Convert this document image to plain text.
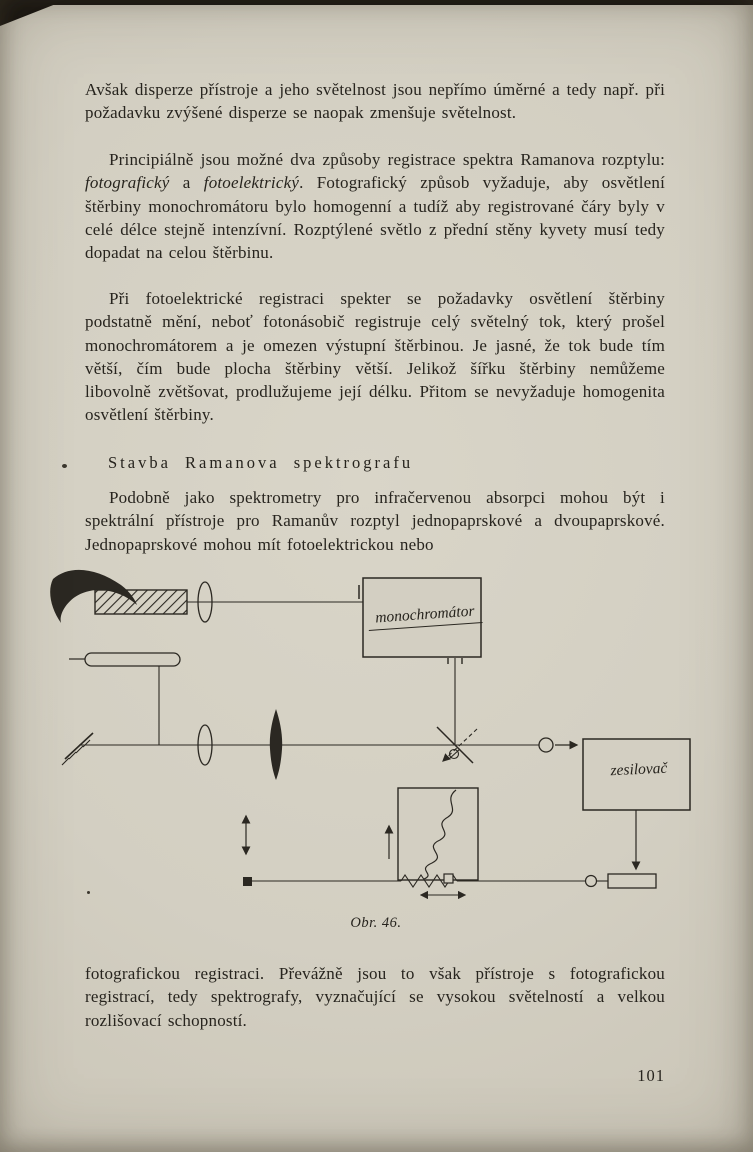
Avšak disperze přístroje a jeho světelnost jsou nepřímo úměrné a tedy např. při požadavku zvýšené disperze se naopak zmenšuje světelnost.

Principiálně jsou možné dva způsoby registrace spektra Ramanova rozptylu: fotografický a fotoelektrický. Fotografický způsob vyžaduje, aby osvětlení štěrbiny monochromátoru bylo homogenní a tudíž aby registrované čáry byly v celé délce stejně intenzívní. Rozptýlené světlo z přední stěny kyvety musí tedy dopadat na celou štěrbinu.

Při fotoelektrické registraci spekter se požadavky osvětlení štěrbiny podstatně mění, neboť fotonásobič registruje celý světelný tok, který prošel monochromátorem a je omezen výstupní štěrbinou. Je jasné, že tok bude tím větší, čím bude plocha štěrbiny větší. Jelikož šířku štěrbiny nemůžeme libovolně zvětšovat, prodlužujeme její délku. Přitom se nevyžaduje homogenita osvětlení štěrbiny.

Stavba Ramanova spektrografu

Podobně jako spektrometry pro infračervenou absorpci mohou být i spektrální přístroje pro Ramanův rozptyl jednopaprskové a dvoupaprskové. Jednopaprskové mohou mít fotoelektrickou nebo

monochromátor
zesilovač
Obr. 46.

fotografickou registraci. Převážně jsou to však přístroje s fotografickou registrací, tedy spektrografy, vyznačující se vysokou světelností a velkou rozlišovací schopností.

101
